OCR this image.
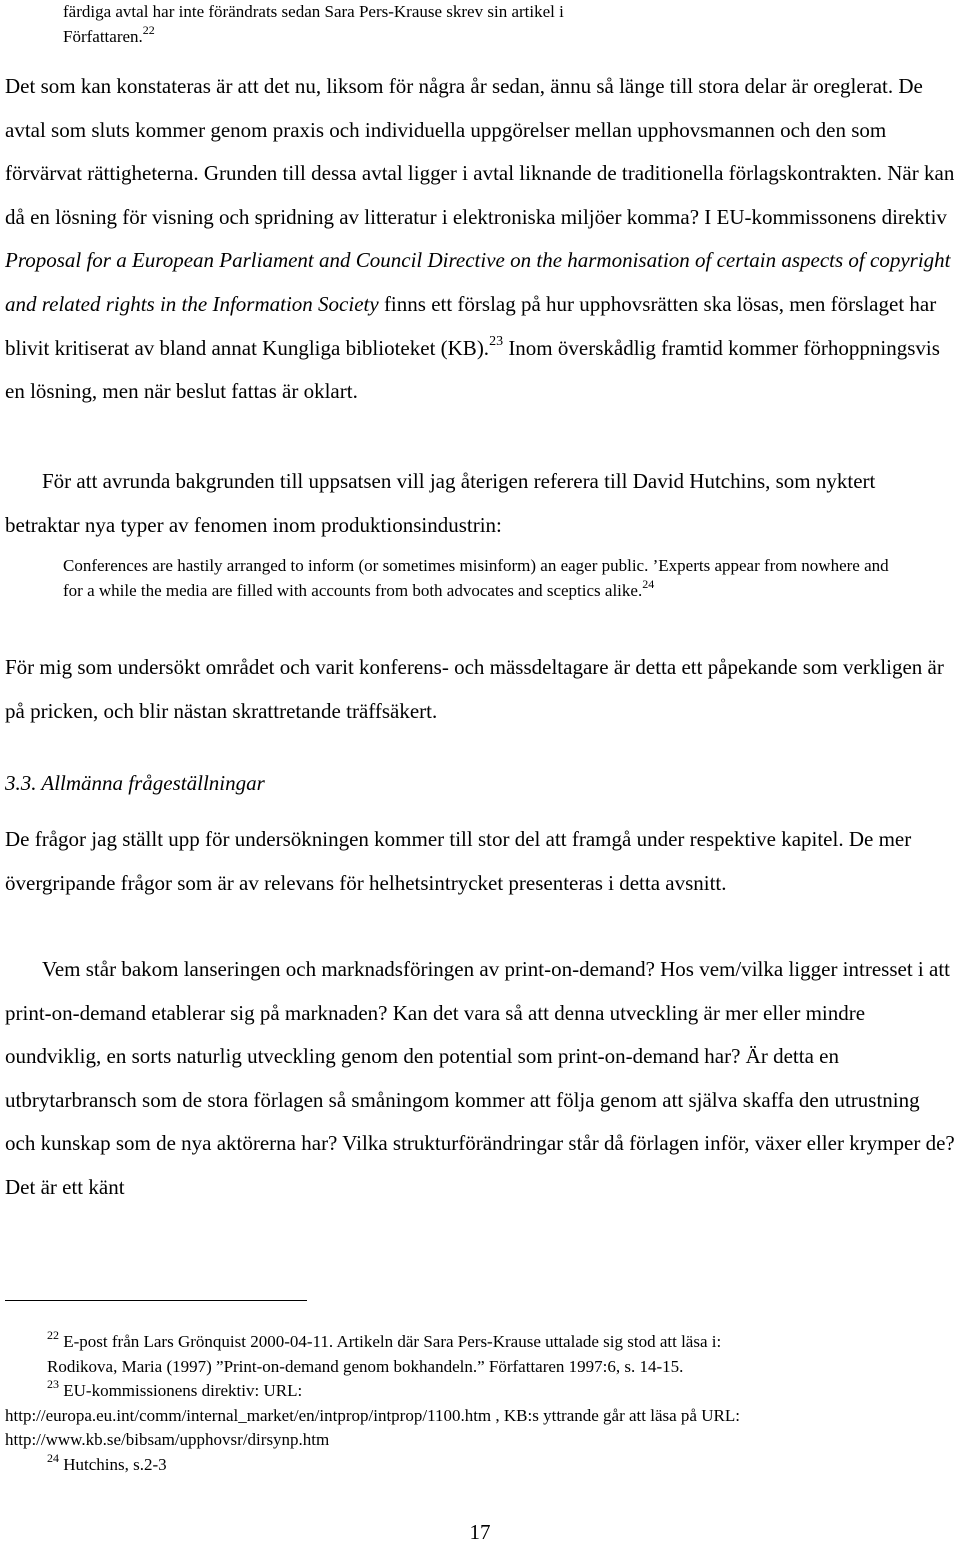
färdiga avtal har inte förändrats sedan Sara Pers-Krause skrev sin artikel i
Författaren.$^{22}$

Det som kan konstateras är att det nu, liksom för några år sedan, ännu så länge till stora delar är oreglerat. De avtal som sluts kommer genom praxis och individuella uppgörelser mellan upphovsmannen och den som förvärvat rättigheterna. Grunden till dessa avtal ligger i avtal liknande de traditionella förlagskontrakten. När kan då en lösning för visning och spridning av litteratur i elektroniska miljöer komma? I EU-kommissonens direktiv Proposal for a European Parliament and Council Directive on the harmonisation of certain aspects of copyright and related rights in the Information Society finns ett förslag på hur upphovsrätten ska lösas, men förslaget har blivit kritiserat av bland annat Kungliga biblioteket (KB).$^{23}$ Inom överskådlig framtid kommer förhoppningsvis en lösning, men när beslut fattas är oklart.

För att avrunda bakgrunden till uppsatsen vill jag återigen referera till David Hutchins, som nyktert betraktar nya typer av fenomen inom produktionsindustrin:

Conferences are hastily arranged to inform (or sometimes misinform) an eager public. ’Experts appear from nowhere and for a while the media are filled with accounts from both advocates and sceptics alike.$^{24}$

För mig som undersökt området och varit konferens- och mässdeltagare är detta ett påpekande som verkligen är på pricken, och blir nästan skrattretande träffsäkert.

3.3. Allmänna frågeställningar

De frågor jag ställt upp för undersökningen kommer till stor del att framgå under respektive kapitel. De mer övergripande frågor som är av relevans för helhetsintrycket presenteras i detta avsnitt.

Vem står bakom lanseringen och marknadsföringen av print-on-demand? Hos vem/vilka ligger intresset i att print-on-demand etablerar sig på marknaden? Kan det vara så att denna utveckling är mer eller mindre oundviklig, en sorts naturlig utveckling genom den potential som print-on-demand har? Är detta en utbrytarbransch som de stora förlagen så småningom kommer att följa genom att själva skaffa den utrustning och kunskap som de nya aktörerna har? Vilka strukturförändringar står då förlagen inför, växer eller krymper de? Det är ett känt

$^{22}$ E-post från Lars Grönquist 2000-04-11. Artikeln där Sara Pers-Krause uttalade sig stod att läsa i:
Rodikova, Maria (1997) ”Print-on-demand genom bokhandeln.” Författaren 1997:6, s. 14-15.
$^{23}$ EU-kommissionens direktiv: URL:
http://europa.eu.int/comm/internal_market/en/intprop/intprop/1100.htm , KB:s yttrande går att läsa på URL:
http://www.kb.se/bibsam/upphovsr/dirsynp.htm
$^{24}$ Hutchins, s.2-3
17
